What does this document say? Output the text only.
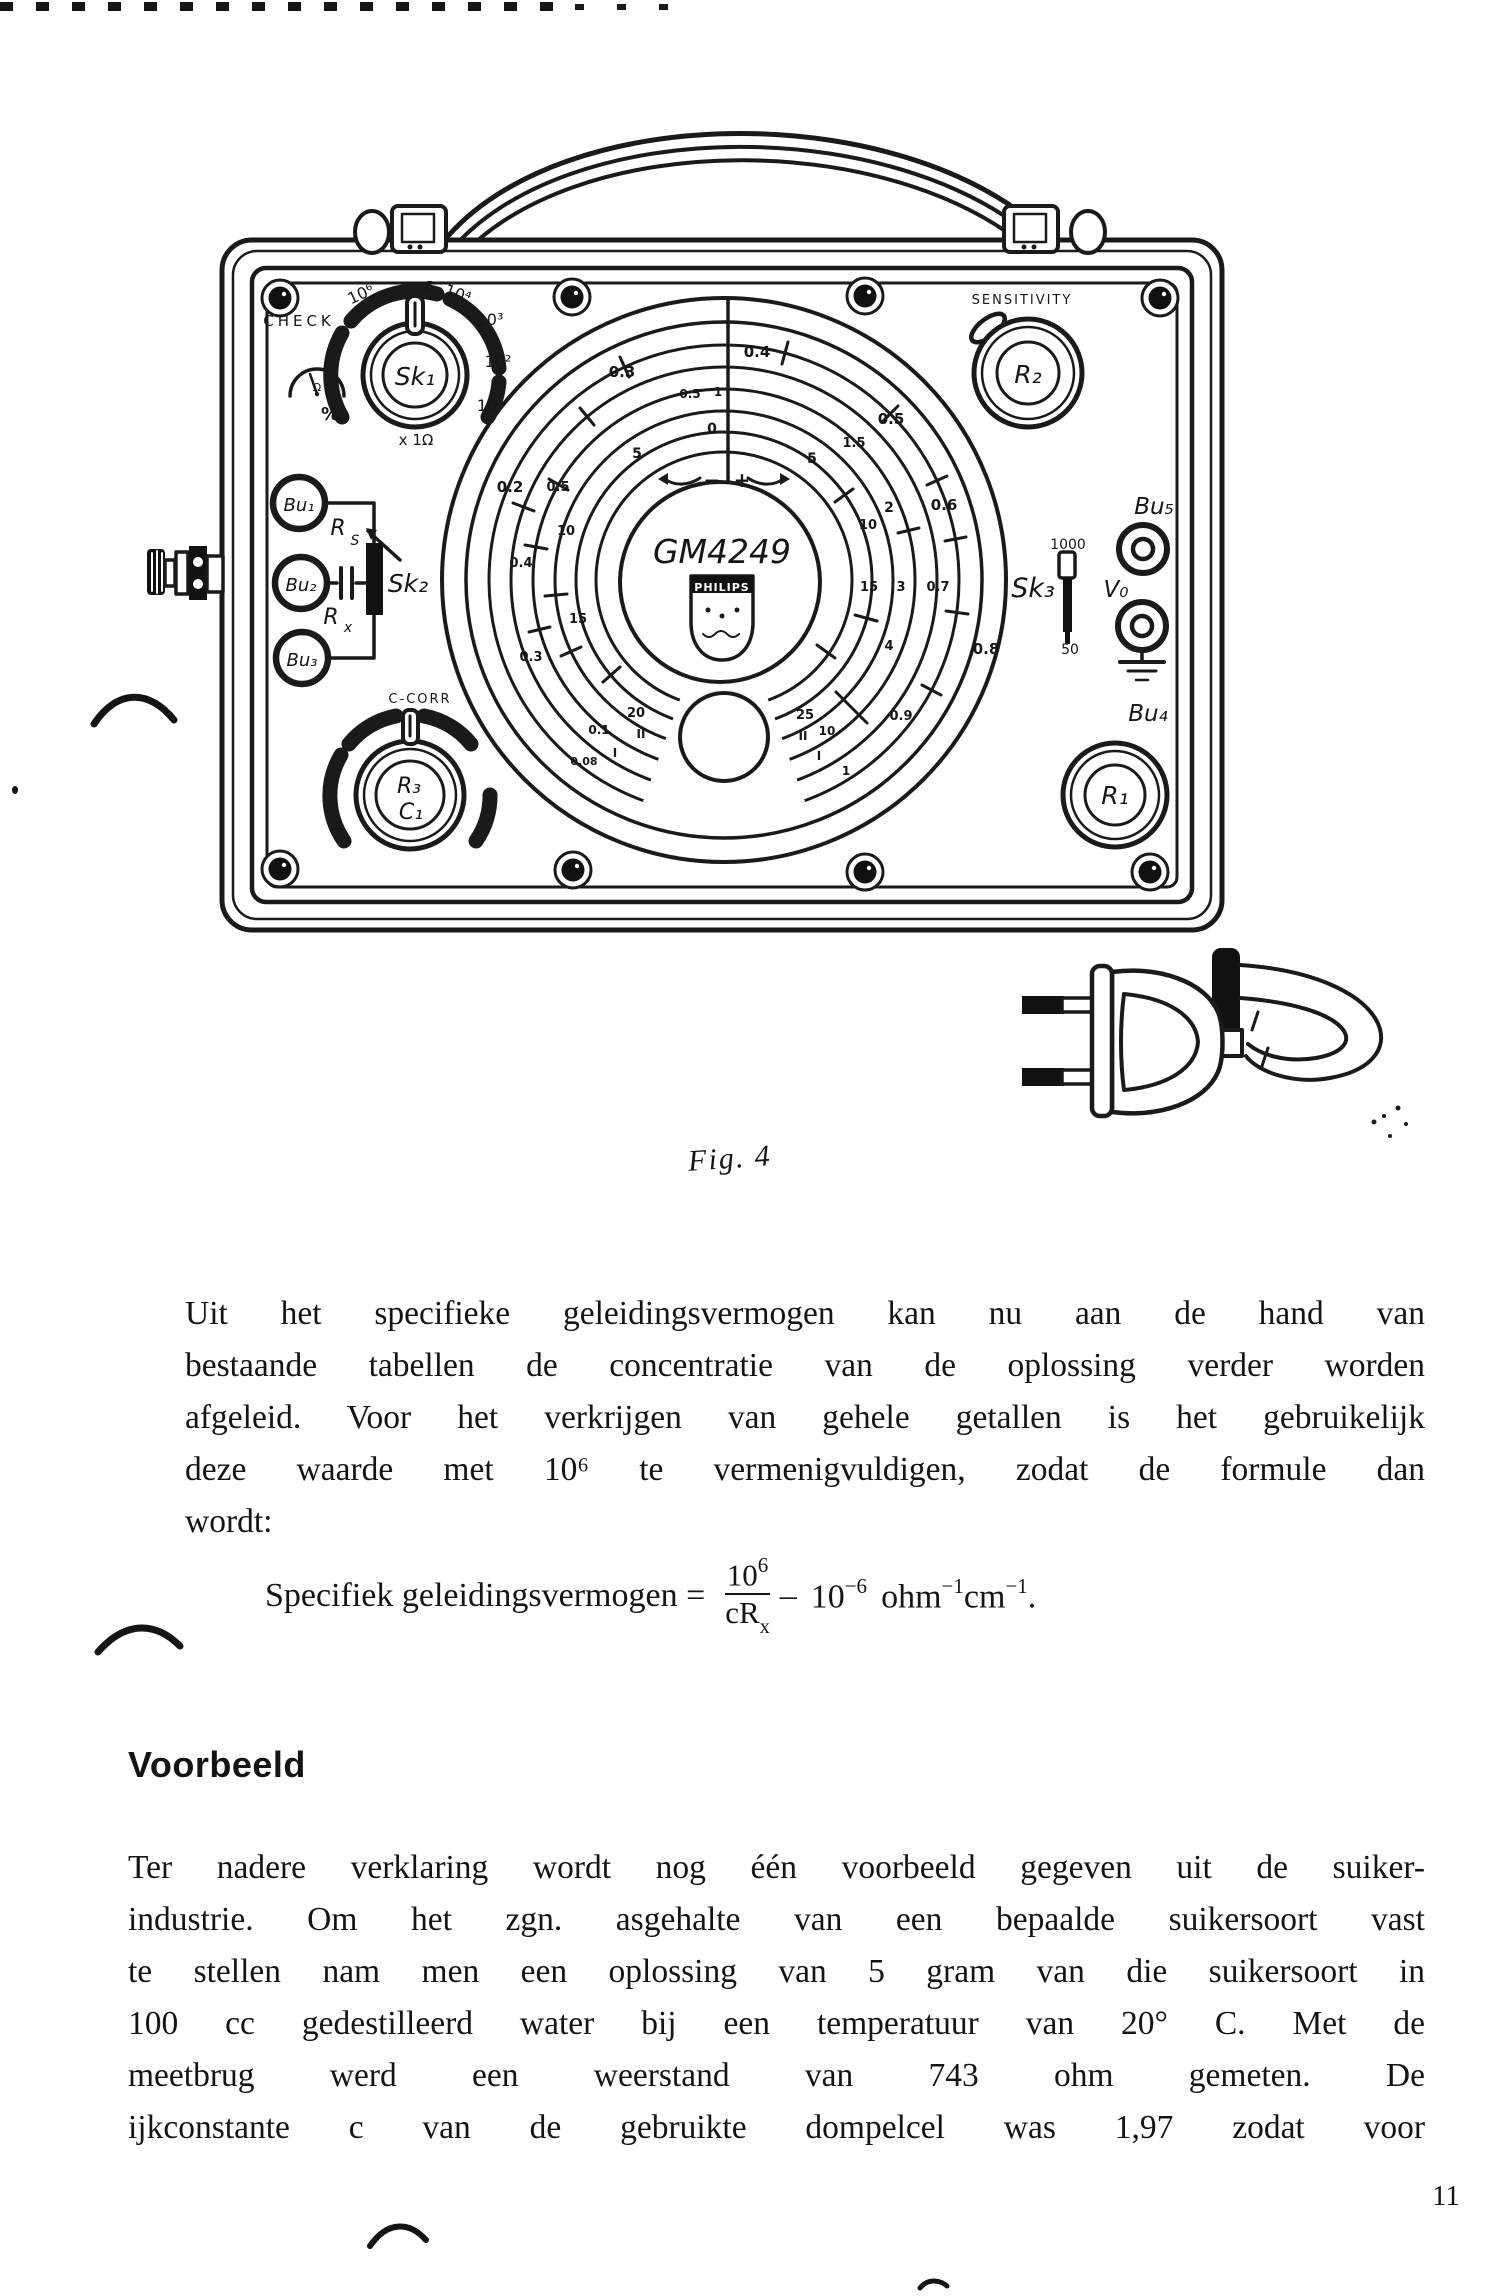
CHECK
Ω
%
10⁶	5 10⁴
10³
10²
10
x 1Ω
Sk₁
SENSITIVITY
R₂
Bu₁
Bu₂
Bu₃
R S
R x
Sk₂
C-CORR
R₃
C₁
R₁
Bu₅
V₀
Bu₄
Sk₃
1000
50
GM4249
PHILIPS
0.4
0.3
0.5 1
0
0.5
1.5
5
5
0.2 0.5
0.6
2
10
10
0.4
15
15 3 0.7
0.3
4	0.8
20
II
25
II
0.1
I
0.08
10
I
1
0.9
− +
Fig. 4
Uit het specifieke geleidingsvermogen kan nu aan de hand van
bestaande tabellen de concentratie van de oplossing verder worden
afgeleid. Voor het verkrijgen van gehele getallen is het gebruikelijk
deze waarde met 10⁶ te vermenigvuldigen, zodat de formule dan
wordt:
Specifiek geleidingsvermogen = $\frac{10^6}{cR_x} - 10^{-6}$ $ohm^{-1}cm^{-1}$.
Voorbeeld
Ter nadere verklaring wordt nog één voorbeeld gegeven uit de suiker-
industrie. Om het zgn. asgehalte van een bepaalde suikersoort vast
te stellen nam men een oplossing van 5 gram van die suikersoort in
100 cc gedestilleerd water bij een temperatuur van 20° C. Met de
meetbrug werd een weerstand van 743 ohm gemeten. De
ijkconstante c van de gebruikte dompelcel was 1,97 zodat voor
11
